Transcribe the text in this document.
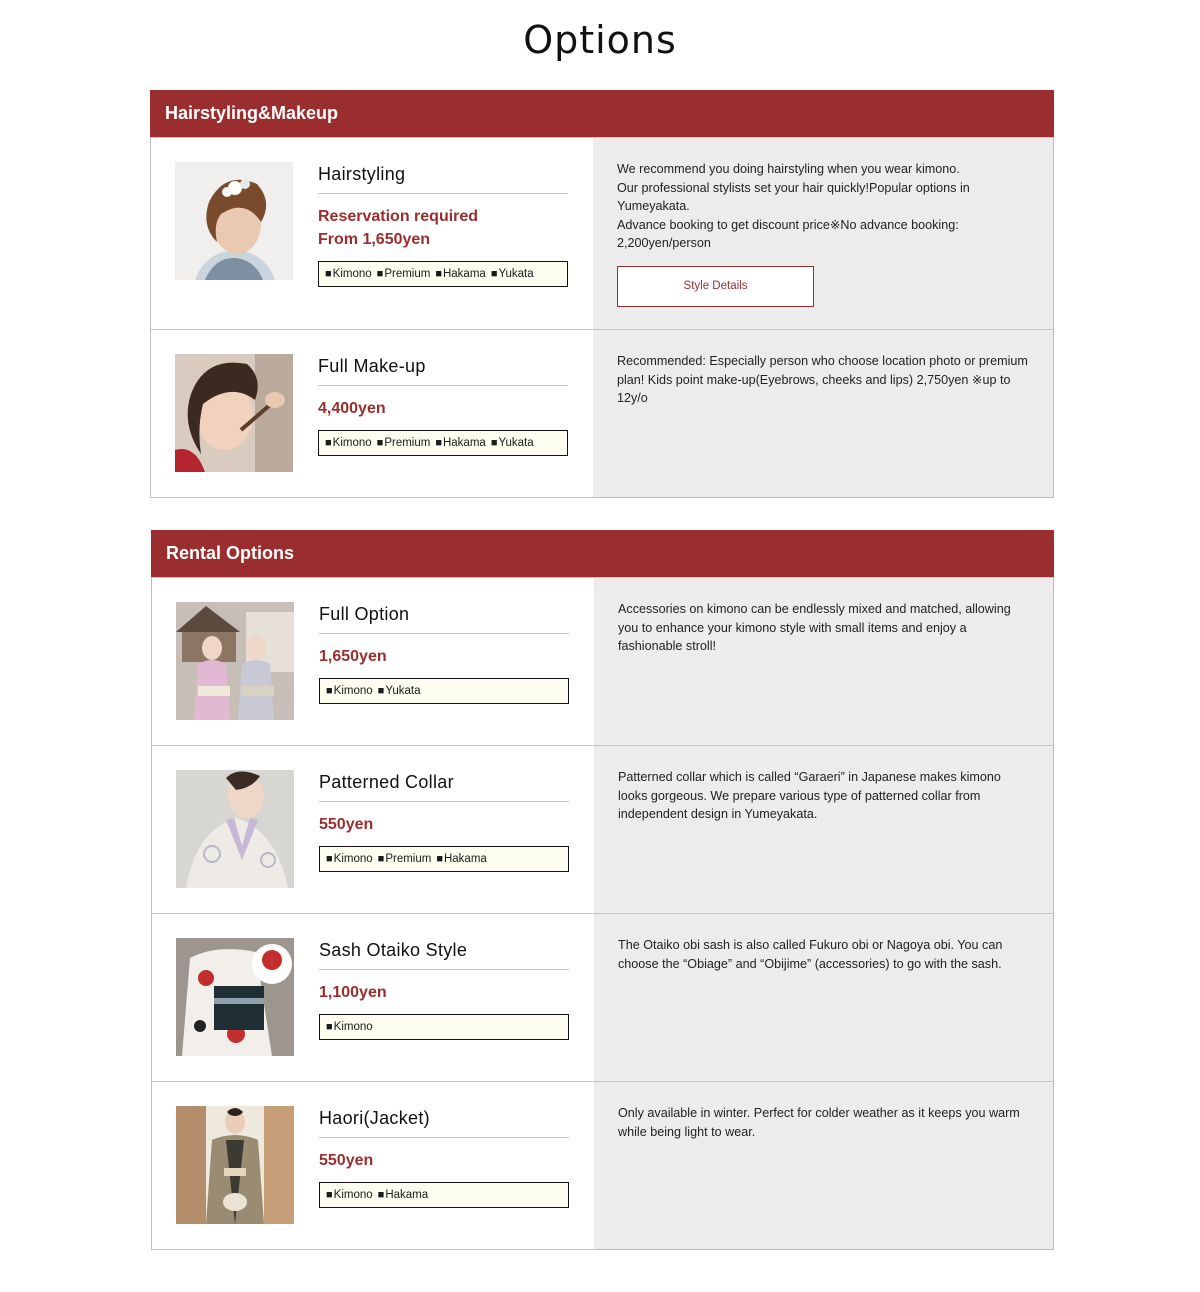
Options
Hairstyling&Makeup
Hairstyling
Reservation required
From 1,650yen
■ Kimono ■ Premium ■ Hakama ■ Yukata
We recommend you doing hairstyling when you wear kimono.
Our professional stylists set your hair quickly!Popular options in Yumeyakata.
Advance booking to get discount price※No advance booking: 2,200yen/person
Style Details
Full Make-up
4,400yen
■ Kimono ■ Premium ■ Hakama ■ Yukata
Recommended: Especially person who choose location photo or premium plan! Kids point make-up(Eyebrows, cheeks and lips) 2,750yen ※up to 12y/o
Rental Options
Full Option
1,650yen
■ Kimono ■ Yukata
Accessories on kimono can be endlessly mixed and matched, allowing you to enhance your kimono style with small items and enjoy a fashionable stroll!
Patterned Collar
550yen
■ Kimono ■ Premium ■ Hakama
Patterned collar which is called “Garaeri” in Japanese makes kimono looks gorgeous. We prepare various type of patterned collar from independent design in Yumeyakata.
Sash Otaiko Style
1,100yen
■ Kimono
The Otaiko obi sash is also called Fukuro obi or Nagoya obi. You can choose the “Obiage” and “Obijime” (accessories) to go with the sash.
Haori(Jacket)
550yen
■ Kimono ■ Hakama
Only available in winter. Perfect for colder weather as it keeps you warm while being light to wear.
